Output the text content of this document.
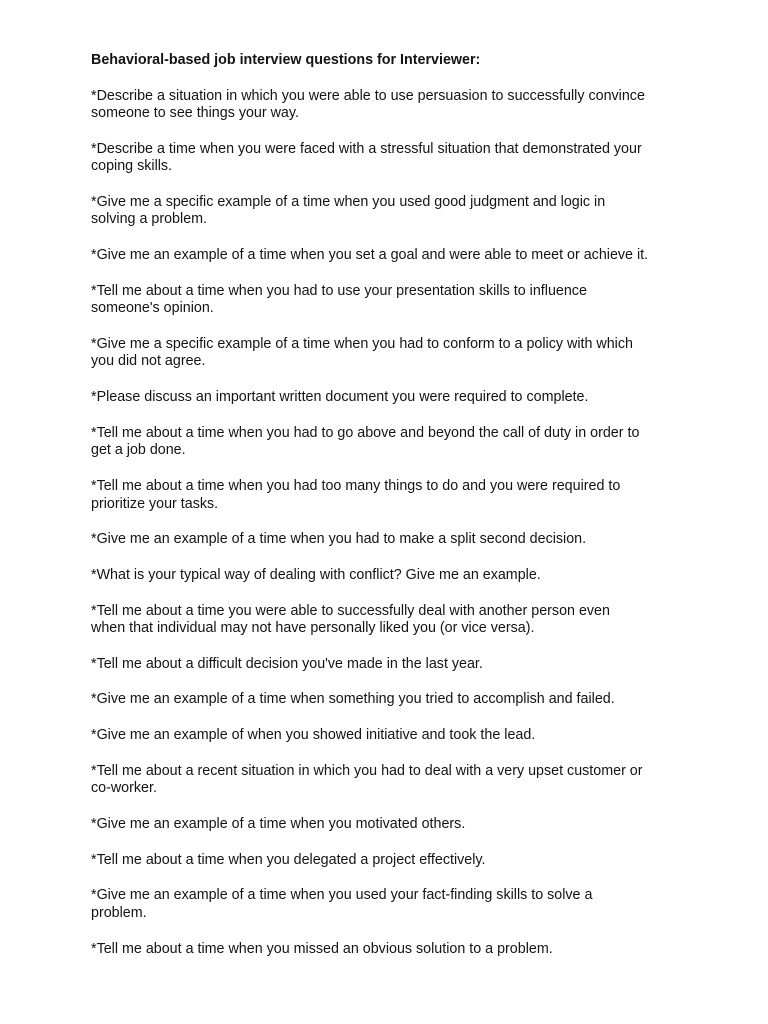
Behavioral-based job interview questions for Interviewer:
*Describe a situation in which you were able to use persuasion to successfully convince
someone to see things your way.
*Describe a time when you were faced with a stressful situation that demonstrated your
coping skills.
*Give me a specific example of a time when you used good judgment and logic in
solving a problem.
*Give me an example of a time when you set a goal and were able to meet or achieve it.
*Tell me about a time when you had to use your presentation skills to influence
someone's opinion.
*Give me a specific example of a time when you had to conform to a policy with which
you did not agree.
*Please discuss an important written document you were required to complete.
*Tell me about a time when you had to go above and beyond the call of duty in order to
get a job done.
*Tell me about a time when you had too many things to do and you were required to
prioritize your tasks.
*Give me an example of a time when you had to make a split second decision.
*What is your typical way of dealing with conflict? Give me an example.
*Tell me about a time you were able to successfully deal with another person even
when that individual may not have personally liked you (or vice versa).
*Tell me about a difficult decision you've made in the last year.
*Give me an example of a time when something you tried to accomplish and failed.
*Give me an example of when you showed initiative and took the lead.
*Tell me about a recent situation in which you had to deal with a very upset customer or
co-worker.
*Give me an example of a time when you motivated others.
*Tell me about a time when you delegated a project effectively.
*Give me an example of a time when you used your fact-finding skills to solve a
problem.
*Tell me about a time when you missed an obvious solution to a problem.
